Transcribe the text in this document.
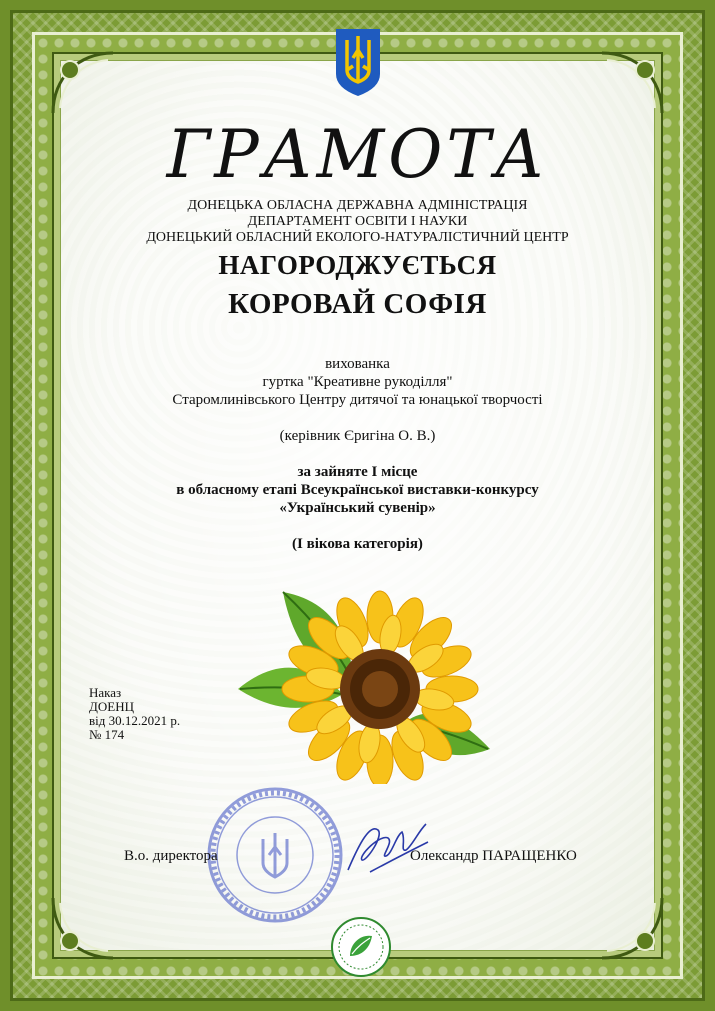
ГРАМОТА
ДОНЕЦЬКА ОБЛАСНА ДЕРЖАВНА АДМІНІСТРАЦІЯ
ДЕПАРТАМЕНТ ОСВІТИ І НАУКИ
ДОНЕЦЬКИЙ ОБЛАСНИЙ ЕКОЛОГО-НАТУРАЛІСТИЧНИЙ ЦЕНТР
НАГОРОДЖУЄТЬСЯ
КОРОВАЙ СОФІЯ
вихованка
гуртка "Креативне рукоділля"
Старомлинівського Центру дитячої та юнацької творчості
(керівник Єригіна О. В.)
за зайняте І місце
в обласному етапі Всеукраїнської виставки-конкурсу
«Український сувенір»
(І вікова категорія)
Наказ
ДОЕНЦ
від 30.12.2021 р.
№ 174
В.о. директора	Олександр ПАРАЩЕНКО
